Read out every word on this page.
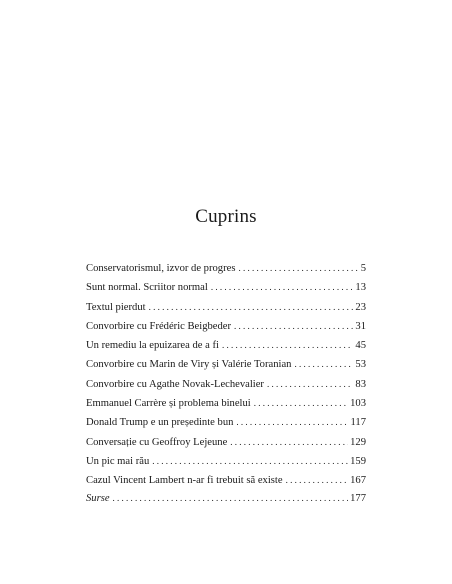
Cuprins
Conservatorismul, izvor de progres . . .	5
Sunt normal. Scriitor normal . . .	13
Textul pierdut . . .	23
Convorbire cu Frédéric Beigbeder . . .	31
Un remediu la epuizarea de a fi . . .	45
Convorbire cu Marin de Viry și Valérie Toranian . . .	53
Convorbire cu Agathe Novak-Lechevalier . . .	83
Emmanuel Carrère și problema binelui . . .	103
Donald Trump e un președinte bun . . .	117
Conversație cu Geoffroy Lejeune . . .	129
Un pic mai rău . . .	159
Cazul Vincent Lambert n-ar fi trebuit să existe . . .	167
Surse . . .	177
